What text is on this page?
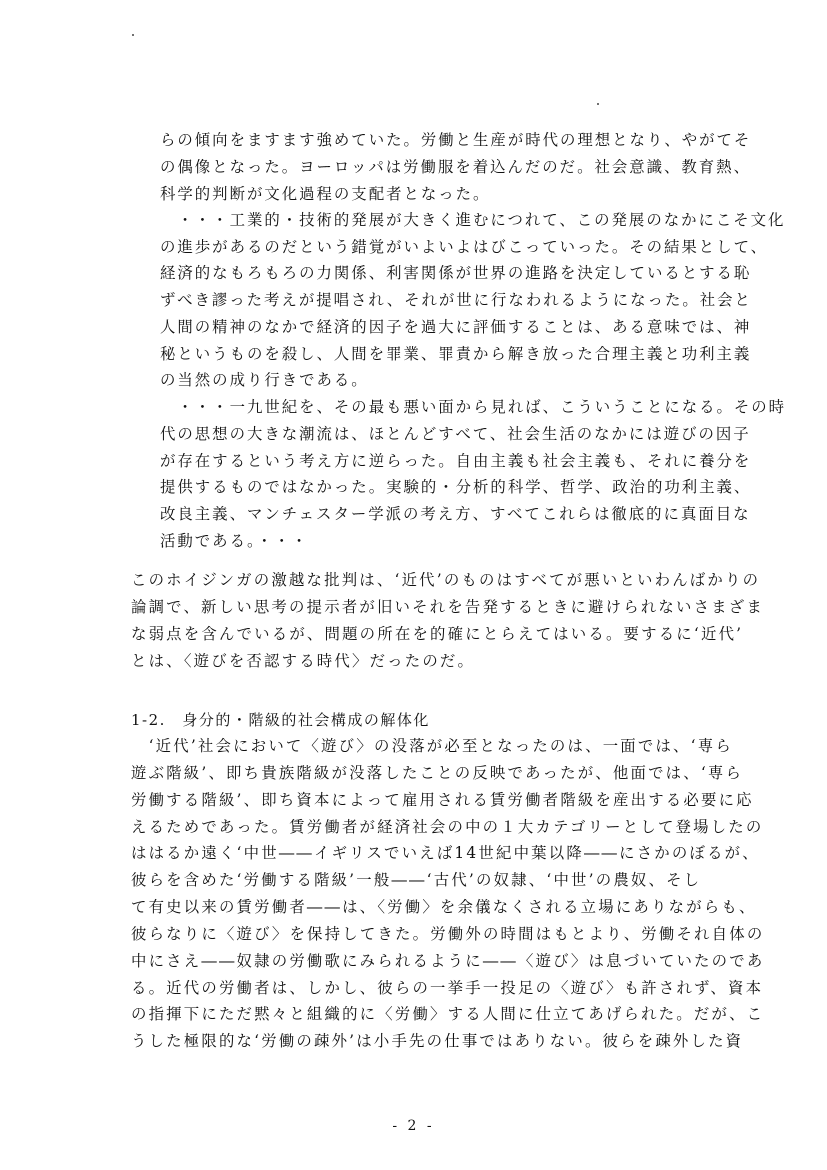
らの傾向をますます強めていた。労働と生産が時代の理想となり、やがてそ
の偶像となった。ヨーロッパは労働服を着込んだのだ。社会意識、教育熱、
科学的判断が文化過程の支配者となった。
　・・・工業的・技術的発展が大きく進むにつれて、この発展のなかにこそ文化
の進歩があるのだという錯覚がいよいよはびこっていった。その結果として、
経済的なもろもろの力関係、利害関係が世界の進路を決定しているとする恥
ずべき謬った考えが提唱され、それが世に行なわれるようになった。社会と
人間の精神のなかで経済的因子を過大に評価することは、ある意味では、神
秘というものを殺し、人間を罪業、罪責から解き放った合理主義と功利主義
の当然の成り行きである。
　・・・一九世紀を、その最も悪い面から見れば、こういうことになる。その時
代の思想の大きな潮流は、ほとんどすべて、社会生活のなかには遊びの因子
が存在するという考え方に逆らった。自由主義も社会主義も、それに養分を
提供するものではなかった。実験的・分析的科学、哲学、政治的功利主義、
改良主義、マンチェスター学派の考え方、すべてこれらは徹底的に真面目な
活動である。・・・
このホイジンガの激越な批判は、‘近代’のものはすべてが悪いといわんばかりの
論調で、新しい思考の提示者が旧いそれを告発するときに避けられないさまざま
な弱点を含んでいるが、問題の所在を的確にとらえてはいる。要するに‘近代’
とは、〈遊びを否認する時代〉だったのだ。
1-2.　身分的・階級的社会構成の解体化
　‘近代’社会において〈遊び〉の没落が必至となったのは、一面では、‘専ら
遊ぶ階級’、即ち貴族階級が没落したことの反映であったが、他面では、‘専ら
労働する階級’、即ち資本によって雇用される賃労働者階級を産出する必要に応
えるためであった。賃労働者が経済社会の中の１大カテゴリーとして登場したの
ははるか遠く‘中世――イギリスでいえば14世紀中葉以降――にさかのぼるが、
彼らを含めた‘労働する階級’一般――‘古代’の奴隷、‘中世’の農奴、そし
て有史以来の賃労働者――は、〈労働〉を余儀なくされる立場にありながらも、
彼らなりに〈遊び〉を保持してきた。労働外の時間はもとより、労働それ自体の
中にさえ――奴隷の労働歌にみられるように――〈遊び〉は息づいていたのであ
る。近代の労働者は、しかし、彼らの一挙手一投足の〈遊び〉も許されず、資本
の指揮下にただ黙々と組織的に〈労働〉する人間に仕立てあげられた。だが、こ
うした極限的な‘労働の疎外’は小手先の仕事ではありない。彼らを疎外した資
- 2 -
